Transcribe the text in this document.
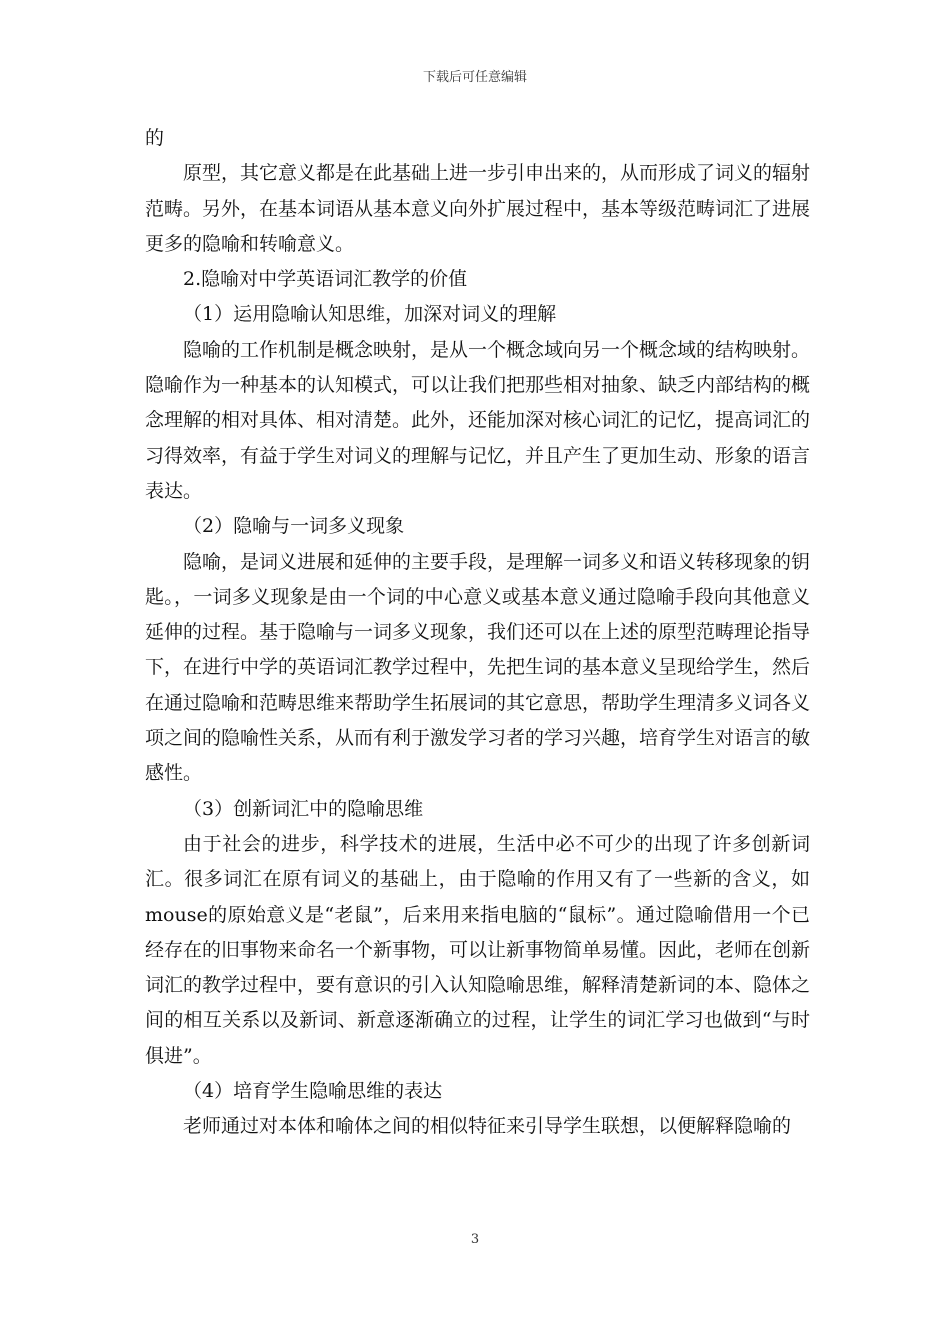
下载后可任意编辑

的

原型，其它意义都是在此基础上进一步引申出来的，从而形成了词义的辐射范畴。另外，在基本词语从基本意义向外扩展过程中，基本等级范畴词汇了进展更多的隐喻和转喻意义。

2.隐喻对中学英语词汇教学的价值

（1）运用隐喻认知思维，加深对词义的理解

隐喻的工作机制是概念映射，是从一个概念域向另一个概念域的结构映射。隐喻作为一种基本的认知模式，可以让我们把那些相对抽象、缺乏内部结构的概念理解的相对具体、相对清楚。此外，还能加深对核心词汇的记忆，提高词汇的习得效率，有益于学生对词义的理解与记忆，并且产生了更加生动、形象的语言表达。

（2）隐喻与一词多义现象

隐喻，是词义进展和延伸的主要手段，是理解一词多义和语义转移现象的钥匙。，一词多义现象是由一个词的中心意义或基本意义通过隐喻手段向其他意义延伸的过程。基于隐喻与一词多义现象，我们还可以在上述的原型范畴理论指导下，在进行中学的英语词汇教学过程中，先把生词的基本意义呈现给学生，然后在通过隐喻和范畴思维来帮助学生拓展词的其它意思，帮助学生理清多义词各义项之间的隐喻性关系，从而有利于激发学习者的学习兴趣，培育学生对语言的敏感性。

（3）创新词汇中的隐喻思维

由于社会的进步，科学技术的进展，生活中必不可少的出现了许多创新词汇。很多词汇在原有词义的基础上，由于隐喻的作用又有了一些新的含义，如mouse的原始意义是“老鼠”，后来用来指电脑的“鼠标”。通过隐喻借用一个已经存在的旧事物来命名一个新事物，可以让新事物简单易懂。因此，老师在创新词汇的教学过程中，要有意识的引入认知隐喻思维，解释清楚新词的本、隐体之间的相互关系以及新词、新意逐渐确立的过程，让学生的词汇学习也做到“与时俱进”。

（4）培育学生隐喻思维的表达

老师通过对本体和喻体之间的相似特征来引导学生联想，以便解释隐喻的

3
